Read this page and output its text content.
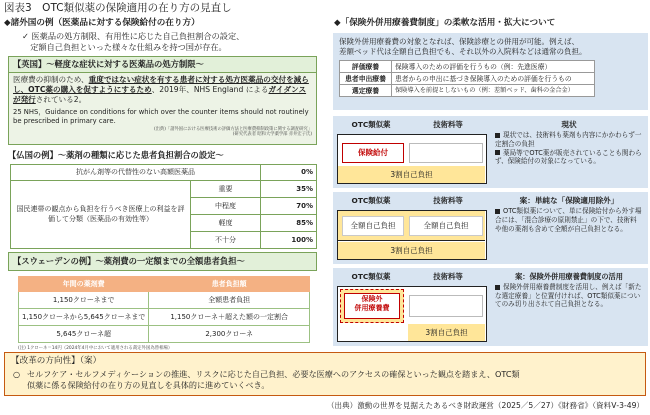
図表3　OTC類似薬の保険適用の在り方の見直し
◆諸外国の例（医薬品に対する保険給付の在り方）
✓ 医薬品の処方制限、有用性に応じた自己負担割合の設定、
　定額自己負担といった様々な仕組みを持つ国が存在。
【英国】～軽度な症状に対する医薬品の処方制限～
医療費の抑制のため、重度ではない症状を有する患者に対する処方医薬品の交付を減らし、OTC薬の購入を促すようにするため、2019年、NHS England によるガイダンスが発行されている2。
25 NHS，Guidance on conditions for which over the counter items should not routinely be prescribed in primary care.
(出典)「諸外国における医療技術の評価方法と医療費抑制政策に関する調査研究」
(研究代表者 昭和大学薬学部 赤井宏子氏)
【仏国の例】～薬剤の種類に応じた患者負担割合の設定～
抗がん剤等の代替性のない高額医薬品		0%
国民連帯の観点から負担を行うべき医療上の利益を評価して分類（医薬品の有効性等）	重要	35%
	中程度	70%
	軽度	85%
	不十分	100%
【スウェーデンの例】～薬剤費の一定額までの全額患者負担～
年間の薬剤費	患者負担額
1,150クローネまで	全額患者負担
1,150クローネから5,645クローネまで	1,150クローネ＋超えた額の一定割合
5,645クローネ超	2,300クローネ
(注) 1クローネ＝14円（2024年4月中において適用される裁定外国為替相場）
◆「保険外併用療養費制度」の柔軟な活用・拡大について
保険外併用療養費の対象となれば、保険診療との併用が可能。例えば、
差額ベッド代は全額自己負担でも、それ以外の入院料などは通常の負担。
評価療養	保険導入のための評価を行うもの（例：先進医療）
患者申出療養	患者からの申出に基づき保険導入のための評価を行うもの
選定療養	保険導入を前提としないもの（例：差額ベッド、歯科の金合金）
OTC類似薬	技術料等
保険給付
3割自己負担
現状
現状では、技術料も薬剤も内容にかかわらず一定割合の負担
薬局等でOTC薬が販売されていることも関わらず、保険給付の対象になっている。
OTC類似薬	技術料等
全額自己負担	全額自己負担
3割自己負担
案：単純な「保険適用除外」
OTC類似薬について、単に保険給付から外す場合には、「混合診療の原則禁止」の下で、技術料や他の薬剤も含めて全額が自己負担となる。
OTC類似薬	技術料等
保険外
併用療養費
3割自己負担
案：保険外併用療養費制度の活用
保険外併用療養費制度を活用し、例えば「新たな選定療養」と位置付ければ、OTC類似薬についてのみ切り出されて自己負担となる。
【改革の方向性】（案）
○ セルフケア・セルフメディケーションの推進、リスクに応じた自己負担、必要な医療へのアクセスの確保といった観点を踏まえ、OTC類
似薬に係る保険給付の在り方の見直しを具体的に進めていくべき。
（出典）激動の世界を見据えたあるべき財政運営（2025／5／27）《財務省》（資料Ⅴ-3-49）
